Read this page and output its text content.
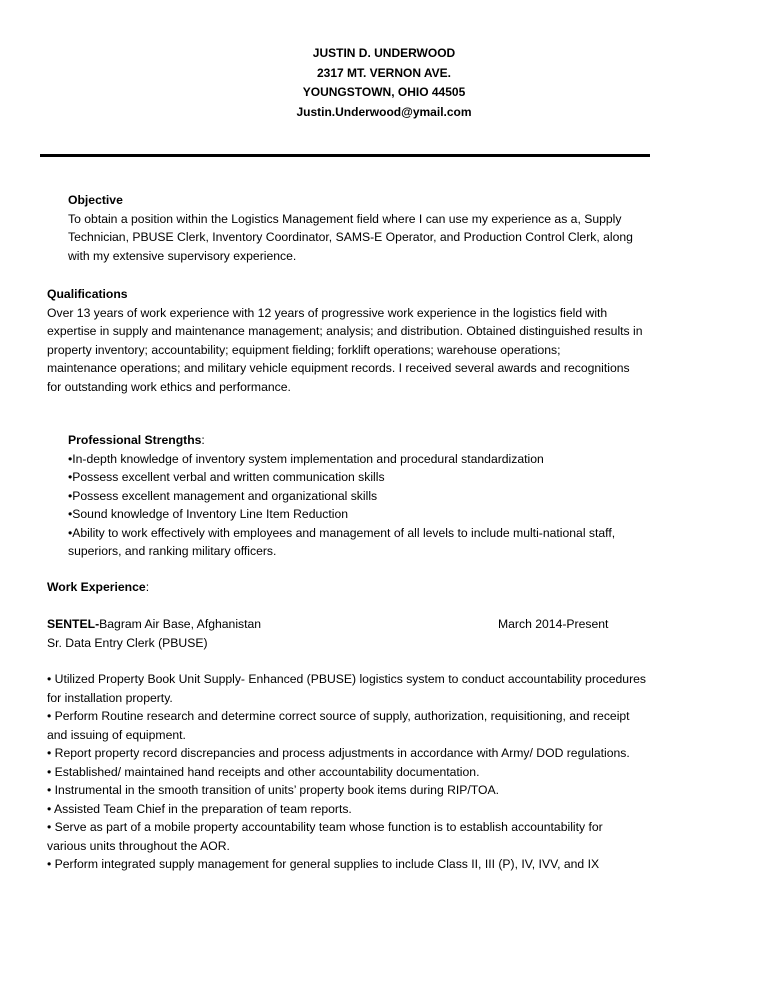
JUSTIN D. UNDERWOOD
2317 MT. VERNON AVE.
YOUNGSTOWN, OHIO 44505
Justin.Underwood@ymail.com
Objective
To obtain a position within the Logistics Management field where I can use my experience as a, Supply
Technician, PBUSE Clerk, Inventory Coordinator, SAMS-E Operator, and Production Control Clerk, along
with my extensive supervisory experience.
Qualifications
Over 13 years of work experience with 12 years of progressive work experience in the logistics field with
expertise in supply and maintenance management; analysis; and distribution. Obtained distinguished results in
property inventory; accountability; equipment fielding; forklift operations; warehouse operations;
maintenance operations; and military vehicle equipment records. I received several awards and recognitions
for outstanding work ethics and performance.
Professional Strengths:
•In-depth knowledge of inventory system implementation and procedural standardization
•Possess excellent verbal and written communication skills
•Possess excellent management and organizational skills
•Sound knowledge of Inventory Line Item Reduction
•Ability to work effectively with employees and management of all levels to include multi-national staff,
superiors, and ranking military officers.
Work Experience:
SENTEL-Bagram Air Base, Afghanistan
Sr. Data Entry Clerk (PBUSE)
March 2014-Present
• Utilized Property Book Unit Supply- Enhanced (PBUSE) logistics system to conduct accountability procedures
for installation property.
• Perform Routine research and determine correct source of supply, authorization, requisitioning, and receipt
and issuing of equipment.
• Report property record discrepancies and process adjustments in accordance with Army/ DOD regulations.
• Established/ maintained hand receipts and other accountability documentation.
• Instrumental in the smooth transition of units’ property book items during RIP/TOA.
• Assisted Team Chief in the preparation of team reports.
• Serve as part of a mobile property accountability team whose function is to establish accountability for
various units throughout the AOR.
• Perform integrated supply management for general supplies to include Class II, III (P), IV, IVV, and IX
